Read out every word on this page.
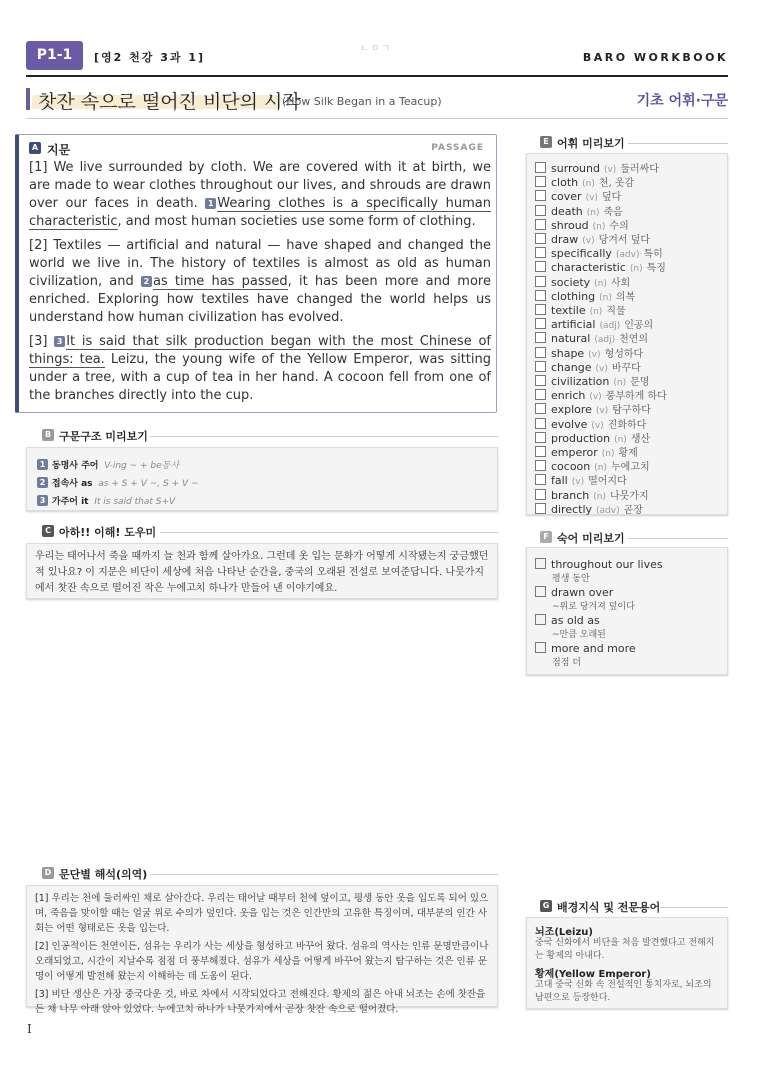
P1-1	[영2 천강 3과 1]
ㄴㅇㄱ
BARO WORKBOOK
찻잔 속으로 떨어진 비단의 시작
(How Silk Began in a Teacup)	기초 어휘·구문
A 지문	PASSAGE

[1] We live surrounded by cloth. We are covered with it at birth, we are made to wear clothes throughout our lives, and shrouds are drawn over our faces in death. 1 Wearing clothes is a specifically human characteristic, and most human societies use some form of clothing.

[2] Textiles — artificial and natural — have shaped and changed the world we live in. The history of textiles is almost as old as human civilization, and 2 as time has passed, it has been more and more enriched. Exploring how textiles have changed the world helps us understand how human civilization has evolved.

[3] 3 It is said that silk production began with the most Chinese of things: tea. Leizu, the young wife of the Yellow Emperor, was sitting under a tree, with a cup of tea in her hand. A cocoon fell from one of the branches directly into the cup.

B 구문구조 미리보기
1 동명사 주어 V-ing ~ + be동사
2 접속사 as as + S + V ~, S + V ~
3 가주어 it It is said that S+V
C 아하!! 이해! 도우미
우리는 태어나서 죽을 때까지 늘 천과 함께 살아가요. 그런데 옷 입는 문화가 어떻게 시작됐는지 궁금했던 적 있나요? 이 지문은 비단이 세상에 처음 나타난 순간을, 중국의 오래된 전설로 보여준답니다. 나뭇가지에서 찻잔 속으로 떨어진 작은 누에고치 하나가 만들어 낸 이야기예요.
D 문단별 해석(의역)

[1] 우리는 천에 둘러싸인 채로 살아간다. 우리는 태어날 때부터 천에 덮이고, 평생 동안 옷을 입도록 되어 있으며, 죽음을 맞이할 때는 얼굴 위로 수의가 덮인다. 옷을 입는 것은 인간만의 고유한 특징이며, 대부분의 인간 사회는 어떤 형태로든 옷을 입는다.

[2] 인공적이든 천연이든, 섬유는 우리가 사는 세상을 형성하고 바꾸어 왔다. 섬유의 역사는 인류 문명만큼이나 오래되었고, 시간이 지날수록 점점 더 풍부해졌다. 섬유가 세상을 어떻게 바꾸어 왔는지 탐구하는 것은 인류 문명이 어떻게 발전해 왔는지 이해하는 데 도움이 된다.

[3] 비단 생산은 가장 중국다운 것, 바로 차에서 시작되었다고 전해진다. 황제의 젊은 아내 뇌조는 손에 찻잔을 든 채 나무 아래 앉아 있었다. 누에고치 하나가 나뭇가지에서 곧장 찻잔 속으로 떨어졌다.

E 어휘 미리보기
surround (v) 둘러싸다
cloth (n) 천, 옷감
cover (v) 덮다
death (n) 죽음
shroud (n) 수의
draw (v) 당겨서 덮다
specifically (adv) 특히
characteristic (n) 특징
society (n) 사회
clothing (n) 의복
textile (n) 직물
artificial (adj) 인공의
natural (adj) 천연의
shape (v) 형성하다
change (v) 바꾸다
civilization (n) 문명
enrich (v) 풍부하게 하다
explore (v) 탐구하다
evolve (v) 진화하다
production (n) 생산
emperor (n) 황제
cocoon (n) 누에고치
fall (v) 떨어지다
branch (n) 나뭇가지
directly (adv) 곧장
F 숙어 미리보기
throughout our lives
평생 동안
drawn over
~위로 당겨져 덮이다
as old as
~만큼 오래된
more and more
점점 더
G 배경지식 및 전문용어
뇌조(Leizu)
중국 신화에서 비단을 처음 발견했다고 전해지는 황제의 아내다.
황제(Yellow Emperor)
고대 중국 신화 속 전설적인 통치자로, 뇌조의 남편으로 등장한다.
I
